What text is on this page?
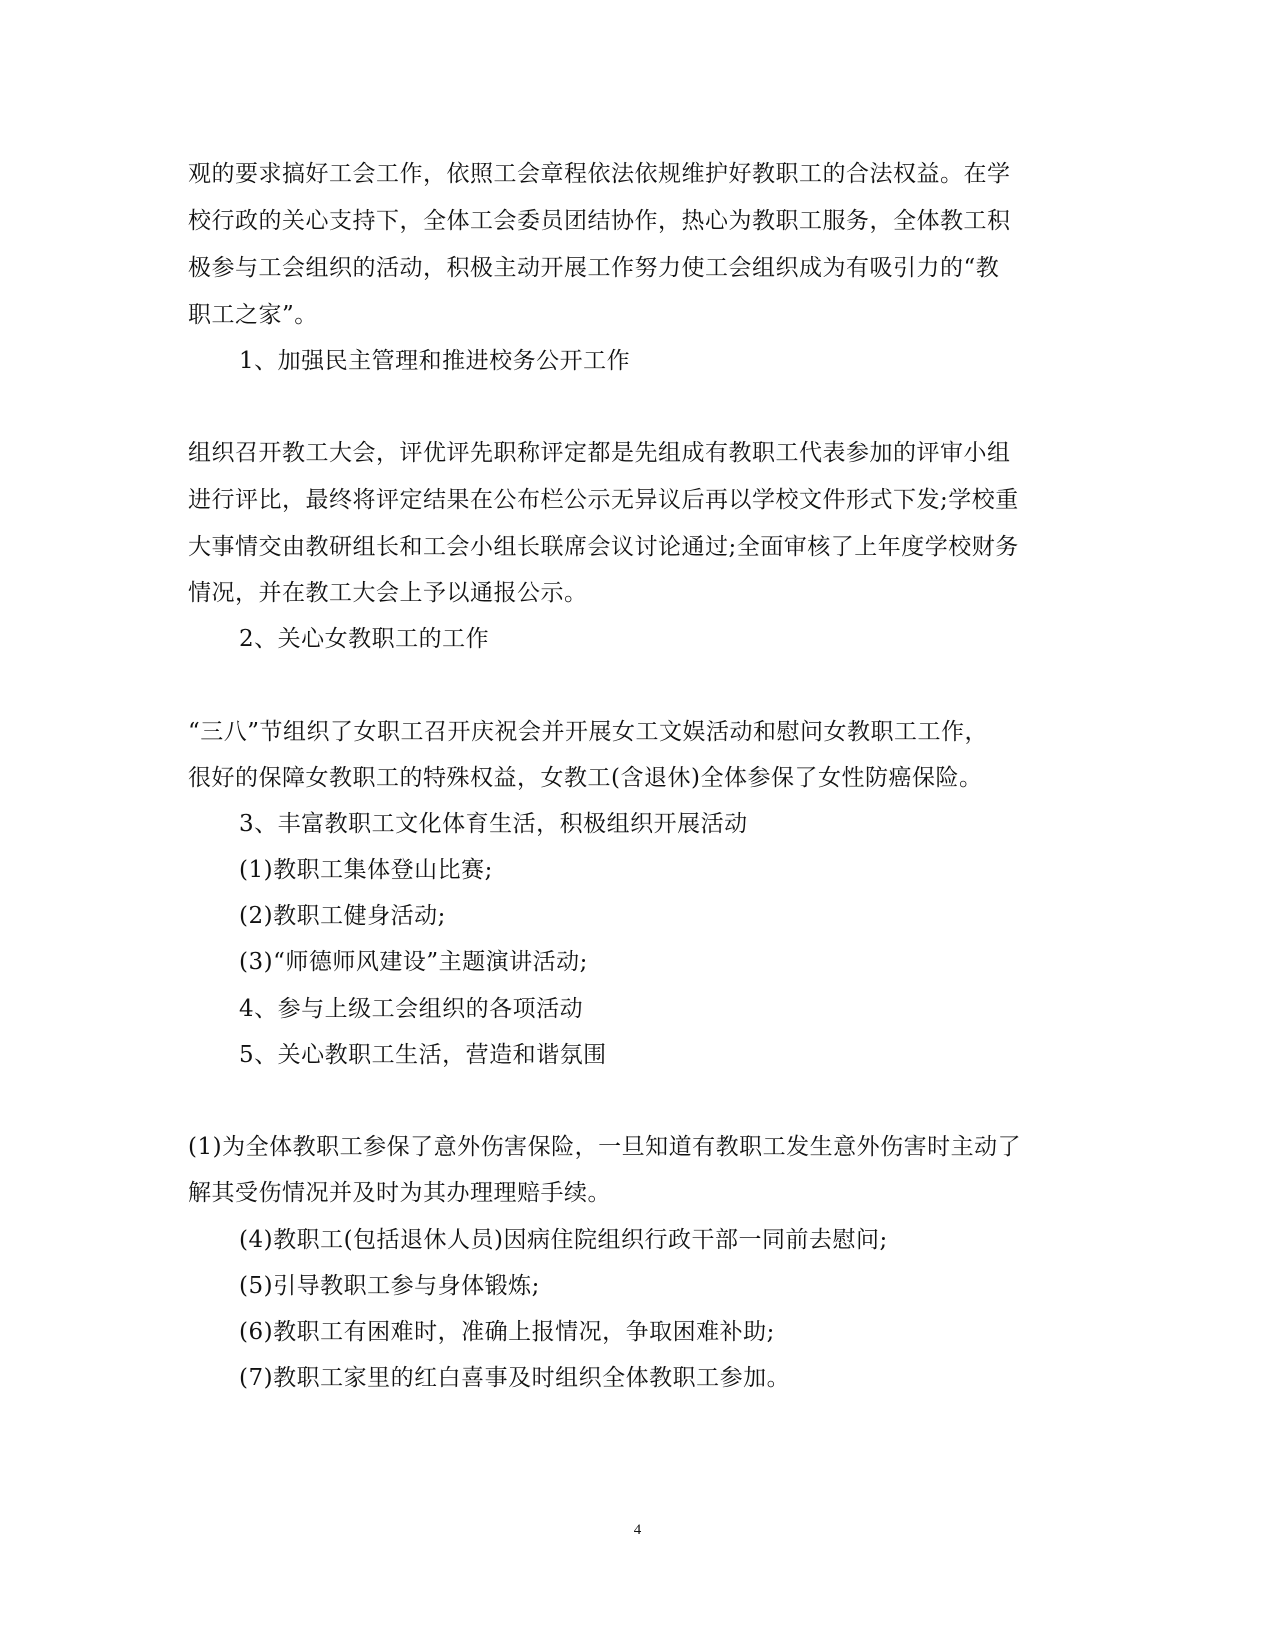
观的要求搞好工会工作，依照工会章程依法依规维护好教职工的合法权益。在学
校行政的关心支持下，全体工会委员团结协作，热心为教职工服务，全体教工积
极参与工会组织的活动，积极主动开展工作努力使工会组织成为有吸引力的“教
职工之家”。
1、加强民主管理和推进校务公开工作
组织召开教工大会，评优评先职称评定都是先组成有教职工代表参加的评审小组
进行评比，最终将评定结果在公布栏公示无异议后再以学校文件形式下发;学校重
大事情交由教研组长和工会小组长联席会议讨论通过;全面审核了上年度学校财务
情况，并在教工大会上予以通报公示。
2、关心女教职工的工作
“三八”节组织了女职工召开庆祝会并开展女工文娱活动和慰问女教职工工作，
很好的保障女教职工的特殊权益，女教工(含退休)全体参保了女性防癌保险。
3、丰富教职工文化体育生活，积极组织开展活动
(1)教职工集体登山比赛;
(2)教职工健身活动;
(3)“师德师风建设”主题演讲活动;
4、参与上级工会组织的各项活动
5、关心教职工生活，营造和谐氛围
(1)为全体教职工参保了意外伤害保险，一旦知道有教职工发生意外伤害时主动了
解其受伤情况并及时为其办理理赔手续。
(4)教职工(包括退休人员)因病住院组织行政干部一同前去慰问;
(5)引导教职工参与身体锻炼;
(6)教职工有困难时，准确上报情况，争取困难补助;
(7)教职工家里的红白喜事及时组织全体教职工参加。
4
